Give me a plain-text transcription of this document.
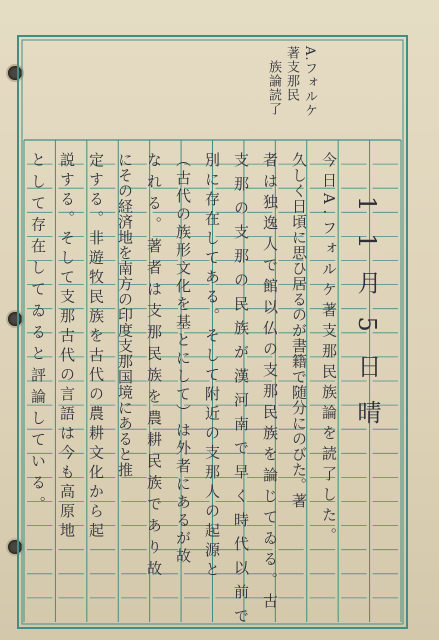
A.フォルケ
著支那民
族論読了
11月5日晴
今日A.フォルケ著支那民族論を読了した。
久しく日頃に思ひ居るのが書籍で随分にのびた。著
者は独逸人で館以仏の支那民族を論じてゐる。古
支那の支那の民族が漢河南で早く時代以前で
別に存在してある。そして附近の支那人の起源と
（古代の族形文化を基とにして）は外者にあるが故
なれる。著者は支那民族を農耕民族であり故
にその経済地を南方の印度支那国境にあると推
定する。非遊牧民族を古代の農耕文化から起
説する。そして支那古代の言語は今も高原地
として存在してゐると評論している。
